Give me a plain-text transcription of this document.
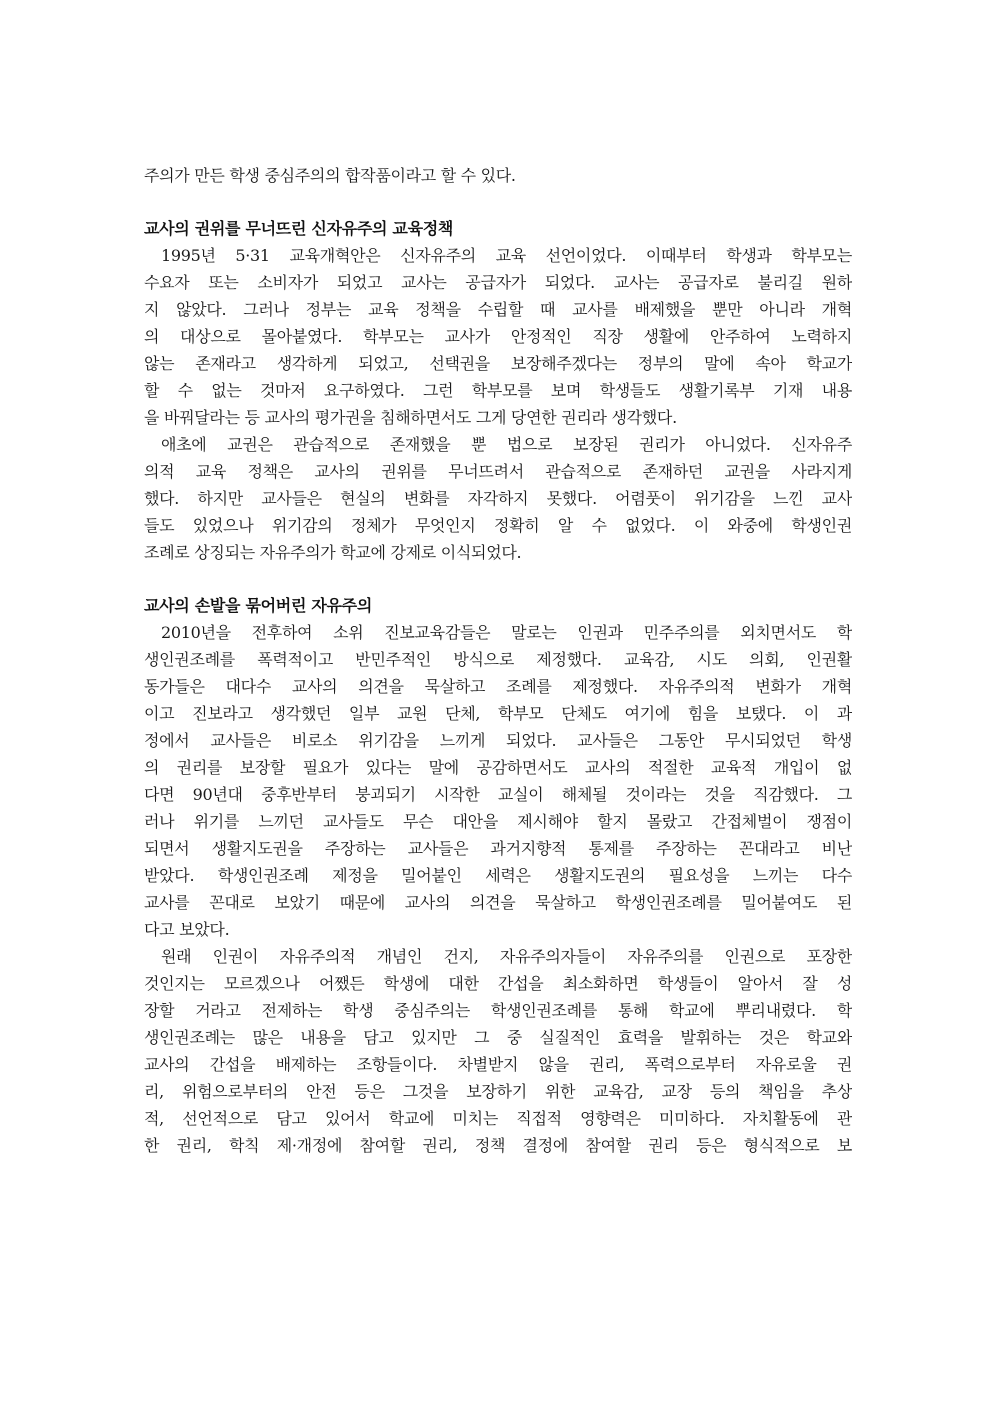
주의가 만든 학생 중심주의의 합작품이라고 할 수 있다.
교사의 권위를 무너뜨린 신자유주의 교육정책
1995년 5·31 교육개혁안은 신자유주의 교육 선언이었다. 이때부터 학생과 학부모는
수요자 또는 소비자가 되었고 교사는 공급자가 되었다. 교사는 공급자로 불리길 원하
지 않았다. 그러나 정부는 교육 정책을 수립할 때 교사를 배제했을 뿐만 아니라 개혁
의 대상으로 몰아붙였다. 학부모는 교사가 안정적인 직장 생활에 안주하여 노력하지
않는 존재라고 생각하게 되었고, 선택권을 보장해주겠다는 정부의 말에 속아 학교가
할 수 없는 것마저 요구하였다. 그런 학부모를 보며 학생들도 생활기록부 기재 내용
을 바꿔달라는 등 교사의 평가권을 침해하면서도 그게 당연한 권리라 생각했다.
애초에 교권은 관습적으로 존재했을 뿐 법으로 보장된 권리가 아니었다. 신자유주
의적 교육 정책은 교사의 권위를 무너뜨려서 관습적으로 존재하던 교권을 사라지게
했다. 하지만 교사들은 현실의 변화를 자각하지 못했다. 어렴풋이 위기감을 느낀 교사
들도 있었으나 위기감의 정체가 무엇인지 정확히 알 수 없었다. 이 와중에 학생인권
조례로 상징되는 자유주의가 학교에 강제로 이식되었다.
교사의 손발을 묶어버린 자유주의
2010년을 전후하여 소위 진보교육감들은 말로는 인권과 민주주의를 외치면서도 학
생인권조례를 폭력적이고 반민주적인 방식으로 제정했다. 교육감, 시도 의회, 인권활
동가들은 대다수 교사의 의견을 묵살하고 조례를 제정했다. 자유주의적 변화가 개혁
이고 진보라고 생각했던 일부 교원 단체, 학부모 단체도 여기에 힘을 보탰다. 이 과
정에서 교사들은 비로소 위기감을 느끼게 되었다. 교사들은 그동안 무시되었던 학생
의 권리를 보장할 필요가 있다는 말에 공감하면서도 교사의 적절한 교육적 개입이 없
다면 90년대 중후반부터 붕괴되기 시작한 교실이 해체될 것이라는 것을 직감했다. 그
러나 위기를 느끼던 교사들도 무슨 대안을 제시해야 할지 몰랐고 간접체벌이 쟁점이
되면서 생활지도권을 주장하는 교사들은 과거지향적 통제를 주장하는 꼰대라고 비난
받았다. 학생인권조례 제정을 밀어붙인 세력은 생활지도권의 필요성을 느끼는 다수
교사를 꼰대로 보았기 때문에 교사의 의견을 묵살하고 학생인권조례를 밀어붙여도 된
다고 보았다.
원래 인권이 자유주의적 개념인 건지, 자유주의자들이 자유주의를 인권으로 포장한
것인지는 모르겠으나 어쨌든 학생에 대한 간섭을 최소화하면 학생들이 알아서 잘 성
장할 거라고 전제하는 학생 중심주의는 학생인권조례를 통해 학교에 뿌리내렸다. 학
생인권조례는 많은 내용을 담고 있지만 그 중 실질적인 효력을 발휘하는 것은 학교와
교사의 간섭을 배제하는 조항들이다. 차별받지 않을 권리, 폭력으로부터 자유로울 권
리, 위험으로부터의 안전 등은 그것을 보장하기 위한 교육감, 교장 등의 책임을 추상
적, 선언적으로 담고 있어서 학교에 미치는 직접적 영향력은 미미하다. 자치활동에 관
한 권리, 학칙 제·개정에 참여할 권리, 정책 결정에 참여할 권리 등은 형식적으로 보
